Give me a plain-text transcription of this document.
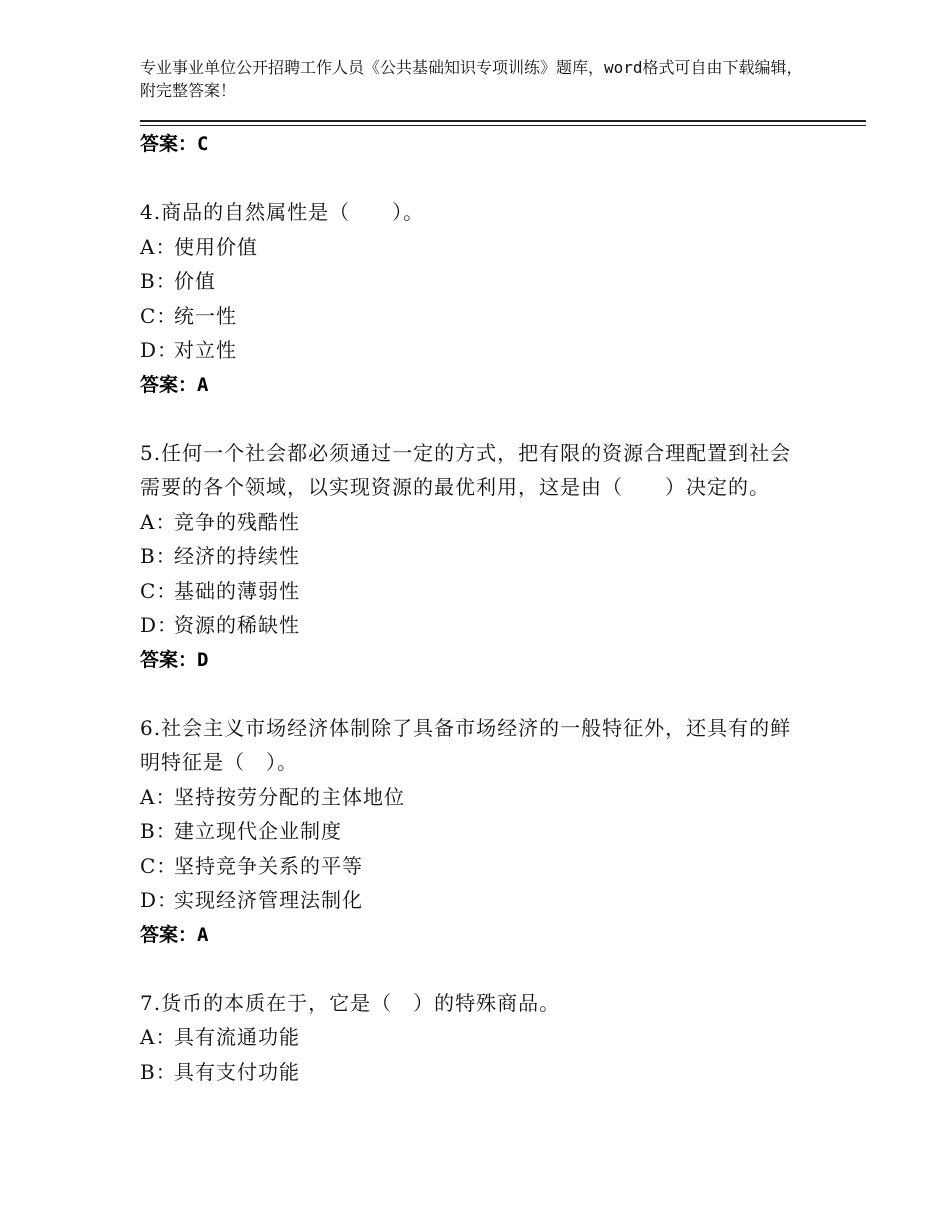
专业事业单位公开招聘工作人员《公共基础知识专项训练》题库，word格式可自由下载编辑，附完整答案！
答案：C

4.商品的自然属性是（　　）。

A：使用价值
B：价值
C：统一性
D：对立性
答案：A

5.任何一个社会都必须通过一定的方式，把有限的资源合理配置到社会需要的各个领域，以实现资源的最优利用，这是由（　　）决定的。

A：竞争的残酷性
B：经济的持续性
C：基础的薄弱性
D：资源的稀缺性
答案：D

6.社会主义市场经济体制除了具备市场经济的一般特征外，还具有的鲜明特征是（　）。

A：坚持按劳分配的主体地位
B：建立现代企业制度
C：坚持竞争关系的平等
D：实现经济管理法制化
答案：A

7.货币的本质在于，它是（　）的特殊商品。

A：具有流通功能
B：具有支付功能
